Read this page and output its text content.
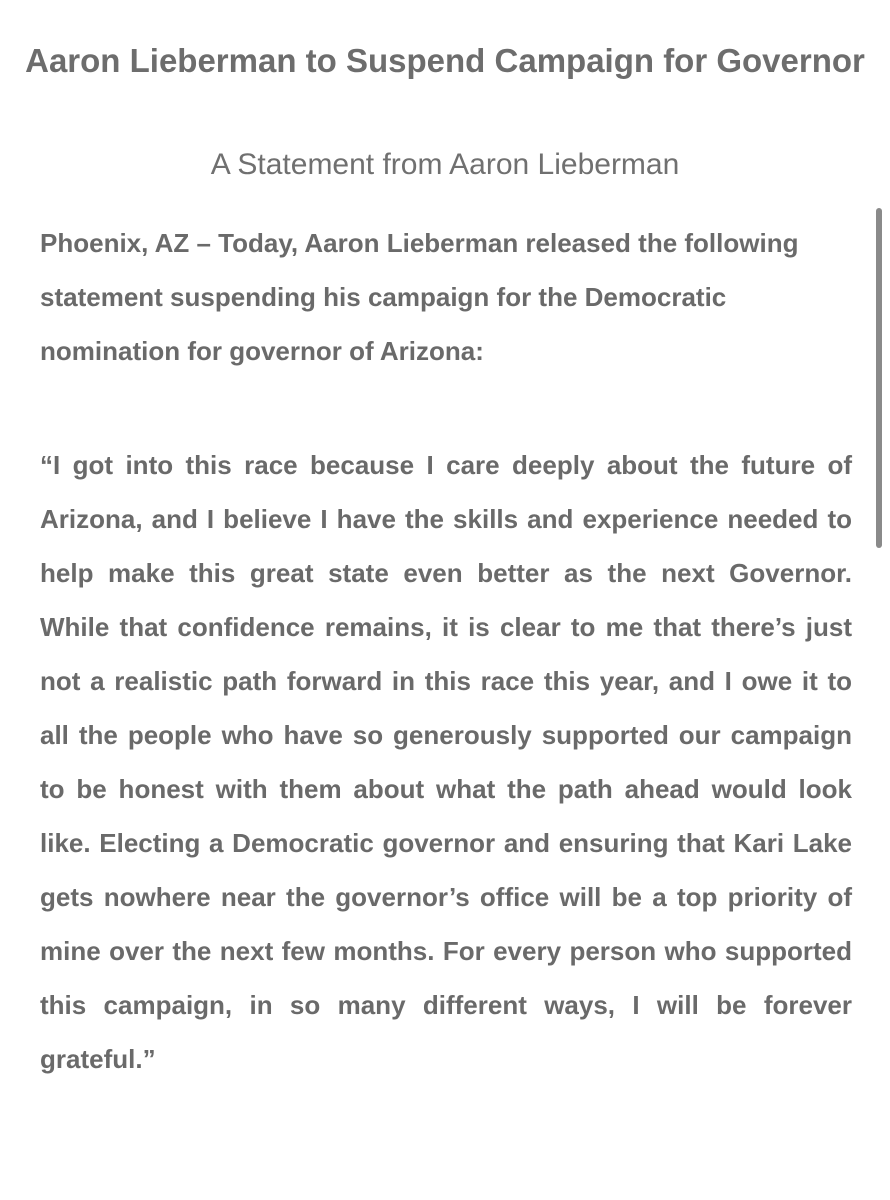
Aaron Lieberman to Suspend Campaign for Governor
A Statement from Aaron Lieberman

Phoenix, AZ – Today, Aaron Lieberman released the following statement suspending his campaign for the Democratic nomination for governor of Arizona:

“I got into this race because I care deeply about the future of Arizona, and I believe I have the skills and experience needed to help make this great state even better as the next Governor. While that confidence remains, it is clear to me that there’s just not a realistic path forward in this race this year, and I owe it to all the people who have so generously supported our campaign to be honest with them about what the path ahead would look like. Electing a Democratic governor and ensuring that Kari Lake gets nowhere near the governor’s office will be a top priority of mine over the next few months. For every person who supported this campaign, in so many different ways, I will be forever grateful.”
